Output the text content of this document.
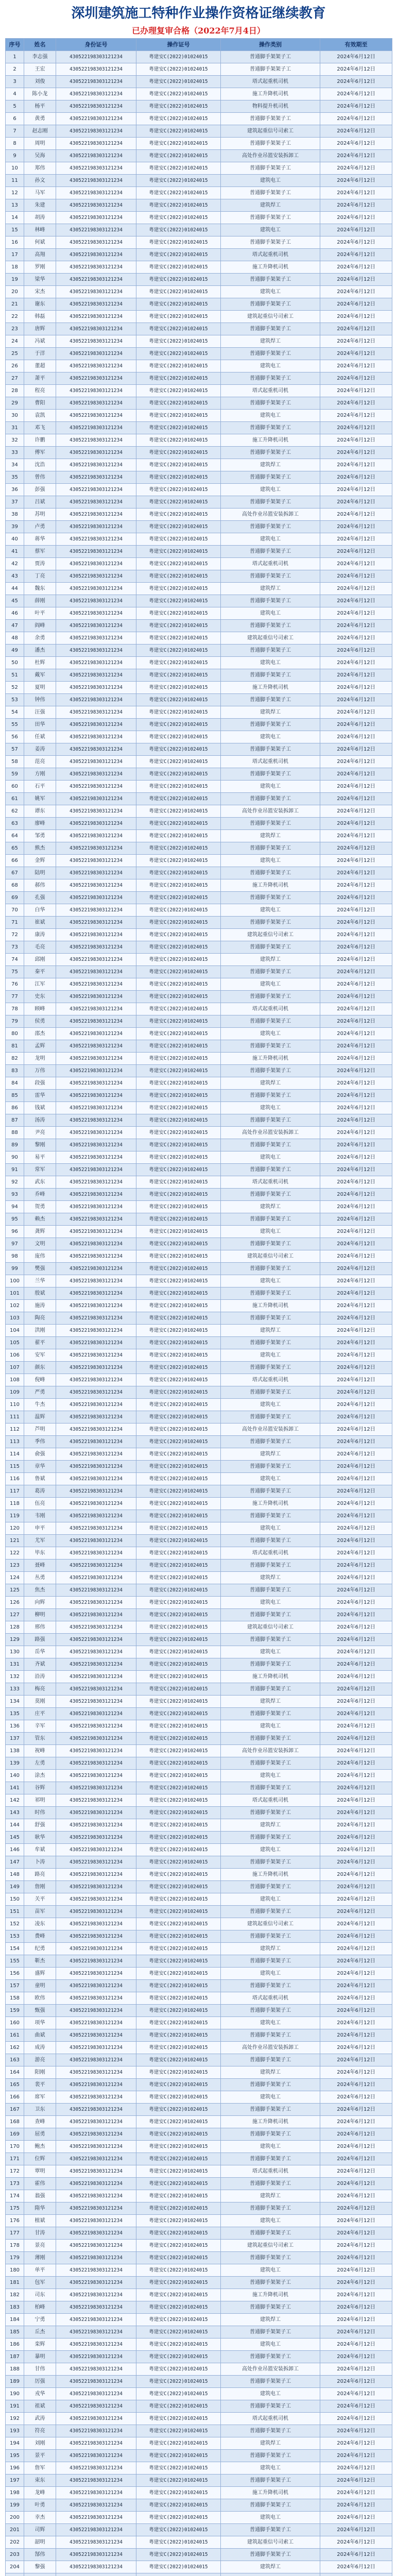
深圳建筑施工特种作业操作资格证继续教育
已办理复审合格（2022年7月4日）
序号	姓名	身份证号	操作证号	操作类别	有效期至
1	李志强	430522198303121234	粤建安C(2022)01024015	普通脚手架架子工	2024年6月12日
2	王宏	430522198303121234	粤建安C(2022)01024015	普通脚手架架子工	2024年6月12日
3	刘俊	430522198303121234	粤建安C(2022)01024015	塔式起重机司机	2024年6月12日
4	陈小龙	430522198303121234	粤建安C(2022)01024015	施工升降机司机	2024年6月12日
5	杨平	430522198303121234	粤建安C(2022)01024015	物料提升机司机	2024年6月12日
6	黄勇	430522198303121234	粤建安C(2022)01024015	普通脚手架架子工	2024年6月12日
7	赵志刚	430522198303121234	粤建安C(2022)01024015	建筑起重信号司索工	2024年6月12日
8	周明	430522198303121234	粤建安C(2022)01024015	普通脚手架架子工	2024年6月12日
9	吴海	430522198303121234	粤建安C(2022)01024015	高处作业吊篮安装拆卸工	2024年6月12日
10	郑伟	430522198303121234	粤建安C(2022)01024015	普通脚手架架子工	2024年6月12日
11	孙文	430522198303121234	粤建安C(2022)01024015	建筑电工	2024年6月12日
12	马军	430522198303121234	粤建安C(2022)01024015	普通脚手架架子工	2024年6月12日
13	朱建	430522198303121234	粤建安C(2022)01024015	建筑焊工	2024年6月12日
14	胡涛	430522198303121234	粤建安C(2022)01024015	普通脚手架架子工	2024年6月12日
15	林峰	430522198303121234	粤建安C(2022)01024015	建筑电工	2024年6月12日
16	何斌	430522198303121234	粤建安C(2022)01024015	普通脚手架架子工	2024年6月12日
17	高翔	430522198303121234	粤建安C(2022)01024015	塔式起重机司机	2024年6月12日
18	罗刚	430522198303121234	粤建安C(2022)01024015	施工升降机司机	2024年6月12日
19	梁华	430522198303121234	粤建安C(2022)01024015	普通脚手架架子工	2024年6月12日
20	宋杰	430522198303121234	粤建安C(2022)01024015	建筑电工	2024年6月12日
21	谢东	430522198303121234	粤建安C(2022)01024015	普通脚手架架子工	2024年6月12日
22	韩磊	430522198303121234	粤建安C(2022)01024015	建筑起重信号司索工	2024年6月12日
23	唐辉	430522198303121234	粤建安C(2022)01024015	普通脚手架架子工	2024年6月12日
24	冯斌	430522198303121234	粤建安C(2022)01024015	建筑焊工	2024年6月12日
25	于洋	430522198303121234	粤建安C(2022)01024015	普通脚手架架子工	2024年6月12日
26	董超	430522198303121234	粤建安C(2022)01024015	建筑电工	2024年6月12日
27	萧平	430522198303121234	粤建安C(2022)01024015	普通脚手架架子工	2024年6月12日
28	程亮	430522198303121234	粤建安C(2022)01024015	塔式起重机司机	2024年6月12日
29	曹阳	430522198303121234	粤建安C(2022)01024015	普通脚手架架子工	2024年6月12日
30	袁凯	430522198303121234	粤建安C(2022)01024015	建筑电工	2024年6月12日
31	邓飞	430522198303121234	粤建安C(2022)01024015	普通脚手架架子工	2024年6月12日
32	许鹏	430522198303121234	粤建安C(2022)01024015	施工升降机司机	2024年6月12日
33	傅军	430522198303121234	粤建安C(2022)01024015	普通脚手架架子工	2024年6月12日
34	沈浩	430522198303121234	粤建安C(2022)01024015	建筑焊工	2024年6月12日
35	曾伟	430522198303121234	粤建安C(2022)01024015	普通脚手架架子工	2024年6月12日
36	彭强	430522198303121234	粤建安C(2022)01024015	建筑电工	2024年6月12日
37	吕斌	430522198303121234	粤建安C(2022)01024015	普通脚手架架子工	2024年6月12日
38	苏明	430522198303121234	粤建安C(2022)01024015	高处作业吊篮安装拆卸工	2024年6月12日
39	卢勇	430522198303121234	粤建安C(2022)01024015	普通脚手架架子工	2024年6月12日
40	蒋华	430522198303121234	粤建安C(2022)01024015	建筑电工	2024年6月12日
41	蔡军	430522198303121234	粤建安C(2022)01024015	普通脚手架架子工	2024年6月12日
42	贾涛	430522198303121234	粤建安C(2022)01024015	塔式起重机司机	2024年6月12日
43	丁亮	430522198303121234	粤建安C(2022)01024015	普通脚手架架子工	2024年6月12日
44	魏东	430522198303121234	粤建安C(2022)01024015	建筑焊工	2024年6月12日
45	薛刚	430522198303121234	粤建安C(2022)01024015	普通脚手架架子工	2024年6月12日
46	叶平	430522198303121234	粤建安C(2022)01024015	建筑电工	2024年6月12日
47	阎峰	430522198303121234	粤建安C(2022)01024015	普通脚手架架子工	2024年6月12日
48	余勇	430522198303121234	粤建安C(2022)01024015	建筑起重信号司索工	2024年6月12日
49	潘杰	430522198303121234	粤建安C(2022)01024015	普通脚手架架子工	2024年6月12日
50	杜辉	430522198303121234	粤建安C(2022)01024015	建筑电工	2024年6月12日
51	戴军	430522198303121234	粤建安C(2022)01024015	普通脚手架架子工	2024年6月12日
52	夏明	430522198303121234	粤建安C(2022)01024015	施工升降机司机	2024年6月12日
53	钟伟	430522198303121234	粤建安C(2022)01024015	普通脚手架架子工	2024年6月12日
54	汪强	430522198303121234	粤建安C(2022)01024015	建筑焊工	2024年6月12日
55	田华	430522198303121234	粤建安C(2022)01024015	普通脚手架架子工	2024年6月12日
56	任斌	430522198303121234	粤建安C(2022)01024015	建筑电工	2024年6月12日
57	姜涛	430522198303121234	粤建安C(2022)01024015	普通脚手架架子工	2024年6月12日
58	范亮	430522198303121234	粤建安C(2022)01024015	塔式起重机司机	2024年6月12日
59	方刚	430522198303121234	粤建安C(2022)01024015	普通脚手架架子工	2024年6月12日
60	石平	430522198303121234	粤建安C(2022)01024015	建筑电工	2024年6月12日
61	姚军	430522198303121234	粤建安C(2022)01024015	普通脚手架架子工	2024年6月12日
62	谭东	430522198303121234	粤建安C(2022)01024015	高处作业吊篮安装拆卸工	2024年6月12日
63	廖峰	430522198303121234	粤建安C(2022)01024015	普通脚手架架子工	2024年6月12日
64	邹勇	430522198303121234	粤建安C(2022)01024015	建筑焊工	2024年6月12日
65	熊杰	430522198303121234	粤建安C(2022)01024015	普通脚手架架子工	2024年6月12日
66	金辉	430522198303121234	粤建安C(2022)01024015	建筑电工	2024年6月12日
67	陆明	430522198303121234	粤建安C(2022)01024015	普通脚手架架子工	2024年6月12日
68	郝伟	430522198303121234	粤建安C(2022)01024015	施工升降机司机	2024年6月12日
69	孔强	430522198303121234	粤建安C(2022)01024015	普通脚手架架子工	2024年6月12日
70	白华	430522198303121234	粤建安C(2022)01024015	建筑电工	2024年6月12日
71	崔斌	430522198303121234	粤建安C(2022)01024015	普通脚手架架子工	2024年6月12日
72	康涛	430522198303121234	粤建安C(2022)01024015	建筑起重信号司索工	2024年6月12日
73	毛亮	430522198303121234	粤建安C(2022)01024015	普通脚手架架子工	2024年6月12日
74	邱刚	430522198303121234	粤建安C(2022)01024015	建筑焊工	2024年6月12日
75	秦平	430522198303121234	粤建安C(2022)01024015	普通脚手架架子工	2024年6月12日
76	江军	430522198303121234	粤建安C(2022)01024015	建筑电工	2024年6月12日
77	史东	430522198303121234	粤建安C(2022)01024015	普通脚手架架子工	2024年6月12日
78	顾峰	430522198303121234	粤建安C(2022)01024015	塔式起重机司机	2024年6月12日
79	侯勇	430522198303121234	粤建安C(2022)01024015	普通脚手架架子工	2024年6月12日
80	邵杰	430522198303121234	粤建安C(2022)01024015	建筑电工	2024年6月12日
81	孟辉	430522198303121234	粤建安C(2022)01024015	普通脚手架架子工	2024年6月12日
82	龙明	430522198303121234	粤建安C(2022)01024015	施工升降机司机	2024年6月12日
83	万伟	430522198303121234	粤建安C(2022)01024015	普通脚手架架子工	2024年6月12日
84	段强	430522198303121234	粤建安C(2022)01024015	建筑焊工	2024年6月12日
85	雷华	430522198303121234	粤建安C(2022)01024015	普通脚手架架子工	2024年6月12日
86	钱斌	430522198303121234	粤建安C(2022)01024015	建筑电工	2024年6月12日
87	汤涛	430522198303121234	粤建安C(2022)01024015	普通脚手架架子工	2024年6月12日
88	尹亮	430522198303121234	粤建安C(2022)01024015	高处作业吊篮安装拆卸工	2024年6月12日
89	黎刚	430522198303121234	粤建安C(2022)01024015	普通脚手架架子工	2024年6月12日
90	易平	430522198303121234	粤建安C(2022)01024015	建筑电工	2024年6月12日
91	常军	430522198303121234	粤建安C(2022)01024015	普通脚手架架子工	2024年6月12日
92	武东	430522198303121234	粤建安C(2022)01024015	塔式起重机司机	2024年6月12日
93	乔峰	430522198303121234	粤建安C(2022)01024015	普通脚手架架子工	2024年6月12日
94	贺勇	430522198303121234	粤建安C(2022)01024015	建筑焊工	2024年6月12日
95	赖杰	430522198303121234	粤建安C(2022)01024015	普通脚手架架子工	2024年6月12日
96	龚辉	430522198303121234	粤建安C(2022)01024015	建筑电工	2024年6月12日
97	文明	430522198303121234	粤建安C(2022)01024015	普通脚手架架子工	2024年6月12日
98	庞伟	430522198303121234	粤建安C(2022)01024015	建筑起重信号司索工	2024年6月12日
99	樊强	430522198303121234	粤建安C(2022)01024015	普通脚手架架子工	2024年6月12日
100	兰华	430522198303121234	粤建安C(2022)01024015	建筑电工	2024年6月12日
101	殷斌	430522198303121234	粤建安C(2022)01024015	普通脚手架架子工	2024年6月12日
102	施涛	430522198303121234	粤建安C(2022)01024015	施工升降机司机	2024年6月12日
103	陶亮	430522198303121234	粤建安C(2022)01024015	普通脚手架架子工	2024年6月12日
104	洪刚	430522198303121234	粤建安C(2022)01024015	建筑焊工	2024年6月12日
105	翟平	430522198303121234	粤建安C(2022)01024015	普通脚手架架子工	2024年6月12日
106	安军	430522198303121234	粤建安C(2022)01024015	建筑电工	2024年6月12日
107	颜东	430522198303121234	粤建安C(2022)01024015	普通脚手架架子工	2024年6月12日
108	倪峰	430522198303121234	粤建安C(2022)01024015	塔式起重机司机	2024年6月12日
109	严勇	430522198303121234	粤建安C(2022)01024015	普通脚手架架子工	2024年6月12日
110	牛杰	430522198303121234	粤建安C(2022)01024015	建筑电工	2024年6月12日
111	温辉	430522198303121234	粤建安C(2022)01024015	普通脚手架架子工	2024年6月12日
112	芦明	430522198303121234	粤建安C(2022)01024015	高处作业吊篮安装拆卸工	2024年6月12日
113	季伟	430522198303121234	粤建安C(2022)01024015	普通脚手架架子工	2024年6月12日
114	俞强	430522198303121234	粤建安C(2022)01024015	建筑焊工	2024年6月12日
115	章华	430522198303121234	粤建安C(2022)01024015	普通脚手架架子工	2024年6月12日
116	鲁斌	430522198303121234	粤建安C(2022)01024015	建筑电工	2024年6月12日
117	葛涛	430522198303121234	粤建安C(2022)01024015	普通脚手架架子工	2024年6月12日
118	伍亮	430522198303121234	粤建安C(2022)01024015	施工升降机司机	2024年6月12日
119	韦刚	430522198303121234	粤建安C(2022)01024015	普通脚手架架子工	2024年6月12日
120	申平	430522198303121234	粤建安C(2022)01024015	建筑电工	2024年6月12日
121	尤军	430522198303121234	粤建安C(2022)01024015	普通脚手架架子工	2024年6月12日
122	毕东	430522198303121234	粤建安C(2022)01024015	塔式起重机司机	2024年6月12日
123	聂峰	430522198303121234	粤建安C(2022)01024015	普通脚手架架子工	2024年6月12日
124	丛勇	430522198303121234	粤建安C(2022)01024015	建筑焊工	2024年6月12日
125	焦杰	430522198303121234	粤建安C(2022)01024015	普通脚手架架子工	2024年6月12日
126	向辉	430522198303121234	粤建安C(2022)01024015	建筑电工	2024年6月12日
127	柳明	430522198303121234	粤建安C(2022)01024015	普通脚手架架子工	2024年6月12日
128	邢伟	430522198303121234	粤建安C(2022)01024015	建筑起重信号司索工	2024年6月12日
129	路强	430522198303121234	粤建安C(2022)01024015	普通脚手架架子工	2024年6月12日
130	岳华	430522198303121234	粤建安C(2022)01024015	建筑电工	2024年6月12日
131	齐斌	430522198303121234	粤建安C(2022)01024015	普通脚手架架子工	2024年6月12日
132	沿涛	430522198303121234	粤建安C(2022)01024015	施工升降机司机	2024年6月12日
133	梅亮	430522198303121234	粤建安C(2022)01024015	普通脚手架架子工	2024年6月12日
134	莫刚	430522198303121234	粤建安C(2022)01024015	建筑焊工	2024年6月12日
135	庄平	430522198303121234	粤建安C(2022)01024015	普通脚手架架子工	2024年6月12日
136	辛军	430522198303121234	粤建安C(2022)01024015	建筑电工	2024年6月12日
137	管东	430522198303121234	粤建安C(2022)01024015	普通脚手架架子工	2024年6月12日
138	祝峰	430522198303121234	粤建安C(2022)01024015	高处作业吊篮安装拆卸工	2024年6月12日
139	左勇	430522198303121234	粤建安C(2022)01024015	普通脚手架架子工	2024年6月12日
140	涂杰	430522198303121234	粤建安C(2022)01024015	建筑电工	2024年6月12日
141	谷辉	430522198303121234	粤建安C(2022)01024015	普通脚手架架子工	2024年6月12日
142	祁明	430522198303121234	粤建安C(2022)01024015	塔式起重机司机	2024年6月12日
143	时伟	430522198303121234	粤建安C(2022)01024015	普通脚手架架子工	2024年6月12日
144	舒强	430522198303121234	粤建安C(2022)01024015	建筑焊工	2024年6月12日
145	耿华	430522198303121234	粤建安C(2022)01024015	普通脚手架架子工	2024年6月12日
146	牟斌	430522198303121234	粤建安C(2022)01024015	建筑电工	2024年6月12日
147	卜涛	430522198303121234	粤建安C(2022)01024015	普通脚手架架子工	2024年6月12日
148	路亮	430522198303121234	粤建安C(2022)01024015	施工升降机司机	2024年6月12日
149	詹刚	430522198303121234	粤建安C(2022)01024015	普通脚手架架子工	2024年6月12日
150	关平	430522198303121234	粤建安C(2022)01024015	建筑电工	2024年6月12日
151	苗军	430522198303121234	粤建安C(2022)01024015	普通脚手架架子工	2024年6月12日
152	凌东	430522198303121234	粤建安C(2022)01024015	建筑起重信号司索工	2024年6月12日
153	费峰	430522198303121234	粤建安C(2022)01024015	普通脚手架架子工	2024年6月12日
154	纪勇	430522198303121234	粤建安C(2022)01024015	建筑焊工	2024年6月12日
155	靳杰	430522198303121234	粤建安C(2022)01024015	普通脚手架架子工	2024年6月12日
156	盛辉	430522198303121234	粤建安C(2022)01024015	建筑电工	2024年6月12日
157	童明	430522198303121234	粤建安C(2022)01024015	普通脚手架架子工	2024年6月12日
158	欧伟	430522198303121234	粤建安C(2022)01024015	塔式起重机司机	2024年6月12日
159	甄强	430522198303121234	粤建安C(2022)01024015	普通脚手架架子工	2024年6月12日
160	项华	430522198303121234	粤建安C(2022)01024015	建筑电工	2024年6月12日
161	曲斌	430522198303121234	粤建安C(2022)01024015	普通脚手架架子工	2024年6月12日
162	成涛	430522198303121234	粤建安C(2022)01024015	高处作业吊篮安装拆卸工	2024年6月12日
163	游亮	430522198303121234	粤建安C(2022)01024015	普通脚手架架子工	2024年6月12日
164	阳刚	430522198303121234	粤建安C(2022)01024015	建筑焊工	2024年6月12日
165	裴平	430522198303121234	粤建安C(2022)01024015	普通脚手架架子工	2024年6月12日
166	席军	430522198303121234	粤建安C(2022)01024015	建筑电工	2024年6月12日
167	卫东	430522198303121234	粤建安C(2022)01024015	普通脚手架架子工	2024年6月12日
168	查峰	430522198303121234	粤建安C(2022)01024015	施工升降机司机	2024年6月12日
169	屈勇	430522198303121234	粤建安C(2022)01024015	普通脚手架架子工	2024年6月12日
170	鲍杰	430522198303121234	粤建安C(2022)01024015	建筑电工	2024年6月12日
171	位辉	430522198303121234	粤建安C(2022)01024015	普通脚手架架子工	2024年6月12日
172	覃明	430522198303121234	粤建安C(2022)01024015	塔式起重机司机	2024年6月12日
173	霍伟	430522198303121234	粤建安C(2022)01024015	普通脚手架架子工	2024年6月12日
174	翁强	430522198303121234	粤建安C(2022)01024015	建筑焊工	2024年6月12日
175	隋华	430522198303121234	粤建安C(2022)01024015	普通脚手架架子工	2024年6月12日
176	植斌	430522198303121234	粤建安C(2022)01024015	建筑电工	2024年6月12日
177	甘涛	430522198303121234	粤建安C(2022)01024015	普通脚手架架子工	2024年6月12日
178	景亮	430522198303121234	粤建安C(2022)01024015	建筑起重信号司索工	2024年6月12日
179	薄刚	430522198303121234	粤建安C(2022)01024015	普通脚手架架子工	2024年6月12日
180	单平	430522198303121234	粤建安C(2022)01024015	建筑电工	2024年6月12日
181	包军	430522198303121234	粤建安C(2022)01024015	普通脚手架架子工	2024年6月12日
182	司东	430522198303121234	粤建安C(2022)01024015	施工升降机司机	2024年6月12日
183	柏峰	430522198303121234	粤建安C(2022)01024015	普通脚手架架子工	2024年6月12日
184	宁勇	430522198303121234	粤建安C(2022)01024015	建筑焊工	2024年6月12日
185	丘杰	430522198303121234	粤建安C(2022)01024015	普通脚手架架子工	2024年6月12日
186	栾辉	430522198303121234	粤建安C(2022)01024015	建筑电工	2024年6月12日
187	暴明	430522198303121234	粤建安C(2022)01024015	普通脚手架架子工	2024年6月12日
188	甘伟	430522198303121234	粤建安C(2022)01024015	高处作业吊篮安装拆卸工	2024年6月12日
189	厉强	430522198303121234	粤建安C(2022)01024015	普通脚手架架子工	2024年6月12日
190	戎华	430522198303121234	粤建安C(2022)01024015	建筑电工	2024年6月12日
191	祖斌	430522198303121234	粤建安C(2022)01024015	普通脚手架架子工	2024年6月12日
192	武涛	430522198303121234	粤建安C(2022)01024015	塔式起重机司机	2024年6月12日
193	符亮	430522198303121234	粤建安C(2022)01024015	普通脚手架架子工	2024年6月12日
194	刘刚	430522198303121234	粤建安C(2022)01024015	建筑焊工	2024年6月12日
195	景平	430522198303121234	粤建安C(2022)01024015	普通脚手架架子工	2024年6月12日
196	詹军	430522198303121234	粤建安C(2022)01024015	建筑电工	2024年6月12日
197	束东	430522198303121234	粤建安C(2022)01024015	普通脚手架架子工	2024年6月12日
198	龙峰	430522198303121234	粤建安C(2022)01024015	施工升降机司机	2024年6月12日
199	叶勇	430522198303121234	粤建安C(2022)01024015	普通脚手架架子工	2024年6月12日
200	幸杰	430522198303121234	粤建安C(2022)01024015	建筑电工	2024年6月12日
201	司辉	430522198303121234	粤建安C(2022)01024015	普通脚手架架子工	2024年6月12日
202	韶明	430522198303121234	粤建安C(2022)01024015	建筑起重信号司索工	2024年6月12日
203	郜伟	430522198303121234	粤建安C(2022)01024015	普通脚手架架子工	2024年6月12日
204	黎强	430522198303121234	粤建安C(2022)01024015	建筑焊工	2024年6月12日
